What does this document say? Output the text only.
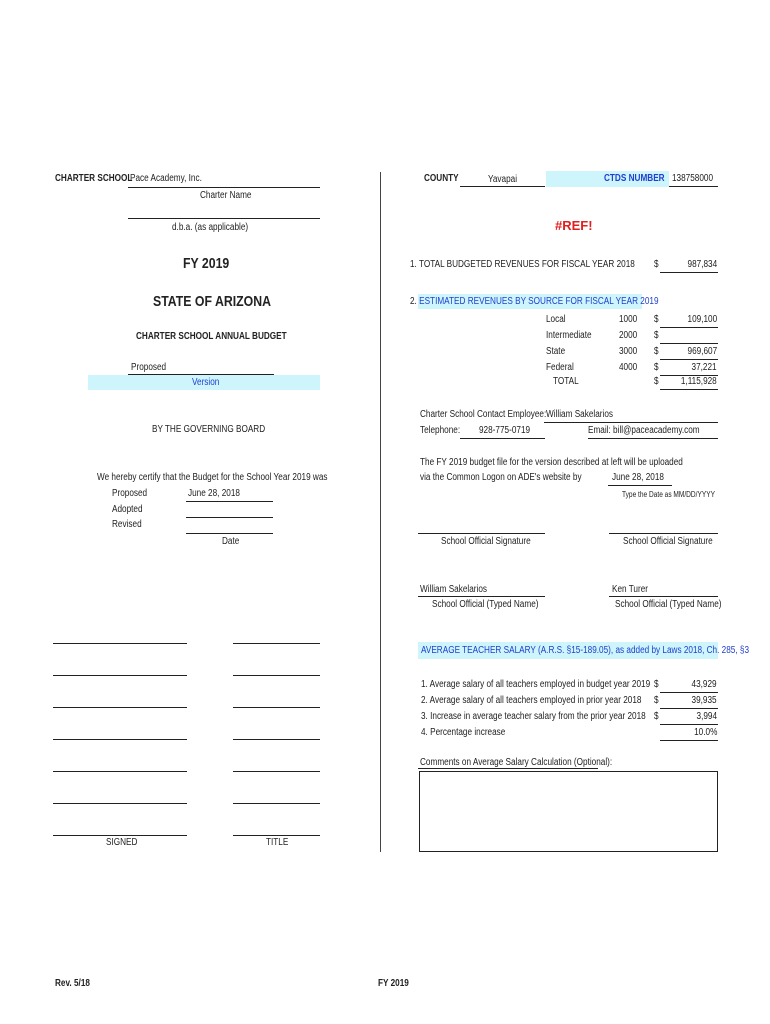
CHARTER SCHOOL
Pace Academy, Inc.
Charter Name
d.b.a. (as applicable)
COUNTY	Yavapai	CTDS NUMBER 138758000
#REF!
FY 2019
STATE OF ARIZONA
CHARTER SCHOOL ANNUAL BUDGET
Proposed
Version
BY THE GOVERNING BOARD
We hereby certify that the Budget for the School Year 2019 was
Proposed	June 28, 2018
Adopted
Revised
Date
SIGNED	TITLE
1. TOTAL BUDGETED REVENUES FOR FISCAL YEAR 2018 $	987,834
2. ESTIMATED REVENUES BY SOURCE FOR FISCAL YEAR 2019
Local	1000 $	109,100
Intermediate	2000 $
State	3000 $	969,607
Federal	4000 $	37,221
TOTAL	$	1,115,928
Charter School Contact Employee: William Sakelarios
Telephone: 928-775-0719	Email: bill@paceacademy.com
The FY 2019 budget file for the version described at left will be uploaded
via the Common Logon on ADE's website by	June 28, 2018
Type the Date as MM/DD/YYYY
School Official Signature	School Official Signature
William Sakelarios	Ken Turer
School Official (Typed Name)	School Official (Typed Name)
AVERAGE TEACHER SALARY (A.R.S. §15-189.05), as added by Laws 2018, Ch. 285, §3
1. Average salary of all teachers employed in budget year 2019 $	43,929
2. Average salary of all teachers employed in prior year 2018 $	39,935
3. Increase in average teacher salary from the prior year 2018 $	3,994
4. Percentage increase	10.0%
Comments on Average Salary Calculation (Optional):
Rev. 5/18	FY 2019
